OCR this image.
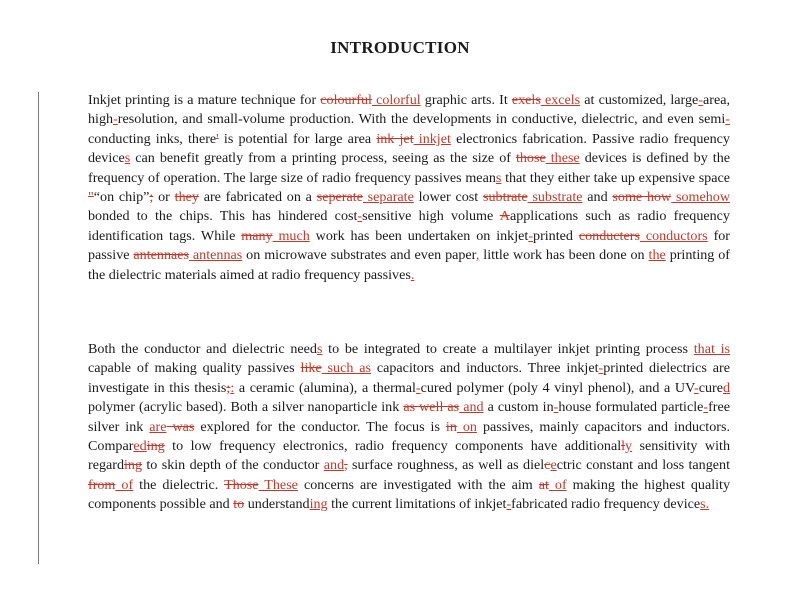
INTRODUCTION

Inkjet printing is a mature technique for colourful colorful graphic arts. It exels excels at customized, large-area, high-resolution, and small-volume production. With the developments in conductive, dielectric, and even semi-conducting inks, there' is potential for large area ink jet inkjet electronics fabrication. Passive radio frequency devices can benefit greatly from a printing process, seeing as the size of those these devices is defined by the frequency of operation. The large size of radio frequency passives means that they either take up expensive space "“on chip”; or they are fabricated on a seperate separate lower cost subtrate substrate and some how somehow bonded to the chips. This has hindered cost-sensitive high volume Aapplications such as radio frequency identification tags. While many much work has been undertaken on inkjet-printed conducters conductors for passive antennaes antennas on microwave substrates and even paper, little work has been done on the printing of the dielectric materials aimed at radio frequency passives.

Both the conductor and dielectric needs to be integrated to create a multilayer inkjet printing process that is capable of making quality passives like such as capacitors and inductors. Three inkjet-printed dielectrics are investigate in this thesis;: a ceramic (alumina), a thermal-cured polymer (poly 4 vinyl phenol), and a UV-cured polymer (acrylic based). Both a silver nanoparticle ink as well as and a custom in-house formulated particle-free silver ink are was explored for the conductor. The focus is in on passives, mainly capacitors and inductors. Compareding to low frequency electronics, radio frequency components have additionally sensitivity with regarding to skin depth of the conductor and, surface roughness, as well as dielcectric constant and loss tangent from of the dielectric. Those These concerns are investigated with the aim at of making the highest quality components possible and to understanding the current limitations of inkjet-fabricated radio frequency devices.
